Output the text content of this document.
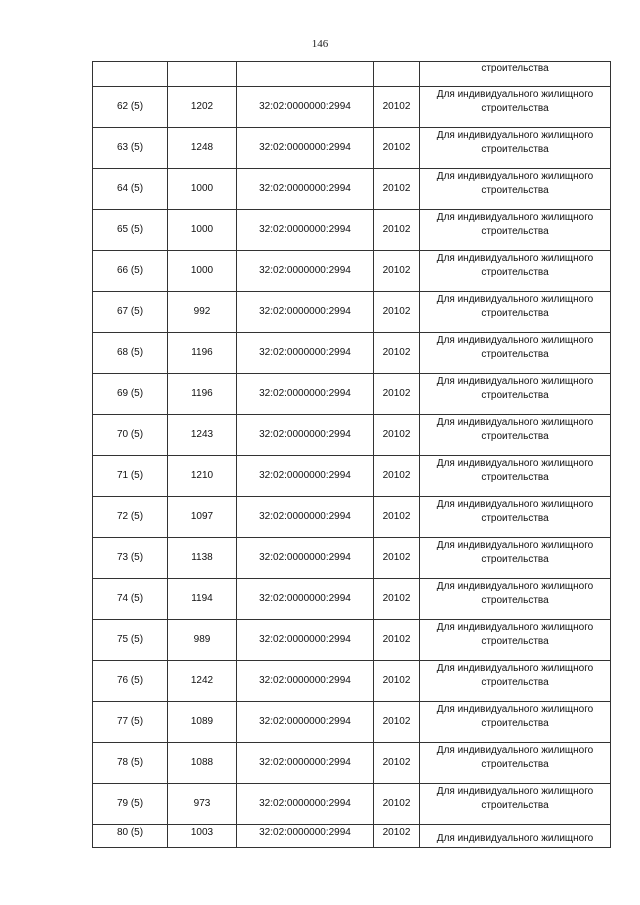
146
				строительства
62 (5)	1202	32:02:0000000:2994	20102	Для индивидуального жилищного строительства

63 (5)	1248	32:02:0000000:2994	20102	Для индивидуального жилищного строительства

64 (5)	1000	32:02:0000000:2994	20102	Для индивидуального жилищного строительства

65 (5)	1000	32:02:0000000:2994	20102	Для индивидуального жилищного строительства

66 (5)	1000	32:02:0000000:2994	20102	Для индивидуального жилищного строительства

67 (5)	992	32:02:0000000:2994	20102	Для индивидуального жилищного строительства

68 (5)	1196	32:02:0000000:2994	20102	Для индивидуального жилищного строительства

69 (5)	1196	32:02:0000000:2994	20102	Для индивидуального жилищного строительства

70 (5)	1243	32:02:0000000:2994	20102	Для индивидуального жилищного строительства

71 (5)	1210	32:02:0000000:2994	20102	Для индивидуального жилищного строительства

72 (5)	1097	32:02:0000000:2994	20102	Для индивидуального жилищного строительства

73 (5)	1138	32:02:0000000:2994	20102	Для индивидуального жилищного строительства

74 (5)	1194	32:02:0000000:2994	20102	Для индивидуального жилищного строительства

75 (5)	989	32:02:0000000:2994	20102	Для индивидуального жилищного строительства

76 (5)	1242	32:02:0000000:2994	20102	Для индивидуального жилищного строительства

77 (5)	1089	32:02:0000000:2994	20102	Для индивидуального жилищного строительства

78 (5)	1088	32:02:0000000:2994	20102	Для индивидуального жилищного строительства

79 (5)	973	32:02:0000000:2994	20102	Для индивидуального жилищного строительства

80 (5)	1003	32:02:0000000:2994	20102	Для индивидуального жилищного
